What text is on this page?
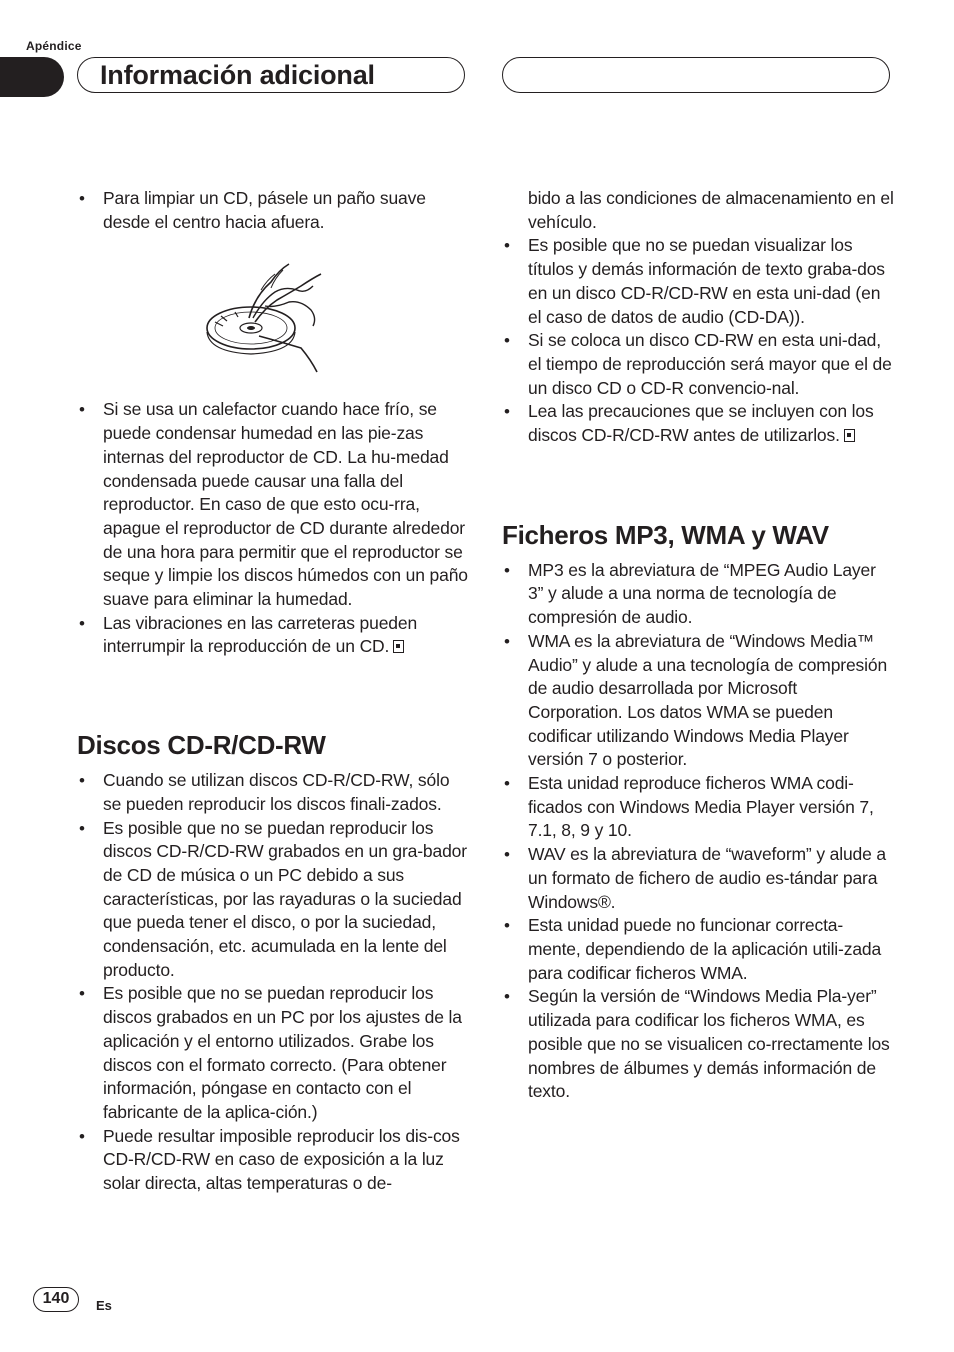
Apéndice
Información adicional
• Para limpiar un CD, pásele un paño suave desde el centro hacia afuera.
• Si se usa un calefactor cuando hace frío, se puede condensar humedad en las pie-zas internas del reproductor de CD. La hu-medad condensada puede causar una falla del reproductor. En caso de que esto ocu-rra, apague el reproductor de CD durante alrededor de una hora para permitir que el reproductor se seque y limpie los discos húmedos con un paño suave para eliminar la humedad.
• Las vibraciones en las carreteras pueden interrumpir la reproducción de un CD.
Discos CD-R/CD-RW
• Cuando se utilizan discos CD-R/CD-RW, sólo se pueden reproducir los discos finali-zados.
• Es posible que no se puedan reproducir los discos CD-R/CD-RW grabados en un gra-bador de CD de música o un PC debido a sus características, por las rayaduras o la suciedad que pueda tener el disco, o por la suciedad, condensación, etc. acumulada en la lente del producto.
• Es posible que no se puedan reproducir los discos grabados en un PC por los ajustes de la aplicación y el entorno utilizados. Grabe los discos con el formato correcto. (Para obtener información, póngase en contacto con el fabricante de la aplica-ción.)
• Puede resultar imposible reproducir los dis-cos CD-R/CD-RW en caso de exposición a la luz solar directa, altas temperaturas o de-
bido a las condiciones de almacenamiento en el vehículo.
• Es posible que no se puedan visualizar los títulos y demás información de texto graba-dos en un disco CD-R/CD-RW en esta uni-dad (en el caso de datos de audio (CD-DA)).
• Si se coloca un disco CD-RW en esta uni-dad, el tiempo de reproducción será mayor que el de un disco CD o CD-R convencio-nal.
• Lea las precauciones que se incluyen con los discos CD-R/CD-RW antes de utilizarlos.
Ficheros MP3, WMA y WAV
• MP3 es la abreviatura de “MPEG Audio Layer 3” y alude a una norma de tecnología de compresión de audio.
• WMA es la abreviatura de “Windows Media™ Audio” y alude a una tecnología de compresión de audio desarrollada por Microsoft Corporation. Los datos WMA se pueden codificar utilizando Windows Media Player versión 7 o posterior.
• Esta unidad reproduce ficheros WMA codi-ficados con Windows Media Player versión 7, 7.1, 8, 9 y 10.
• WAV es la abreviatura de “waveform” y alude a un formato de fichero de audio es-tándar para Windows®.
• Esta unidad puede no funcionar correcta-mente, dependiendo de la aplicación utili-zada para codificar ficheros WMA.
• Según la versión de “Windows Media Pla-yer” utilizada para codificar los ficheros WMA, es posible que no se visualicen co-rrectamente los nombres de álbumes y demás información de texto.
140	Es
